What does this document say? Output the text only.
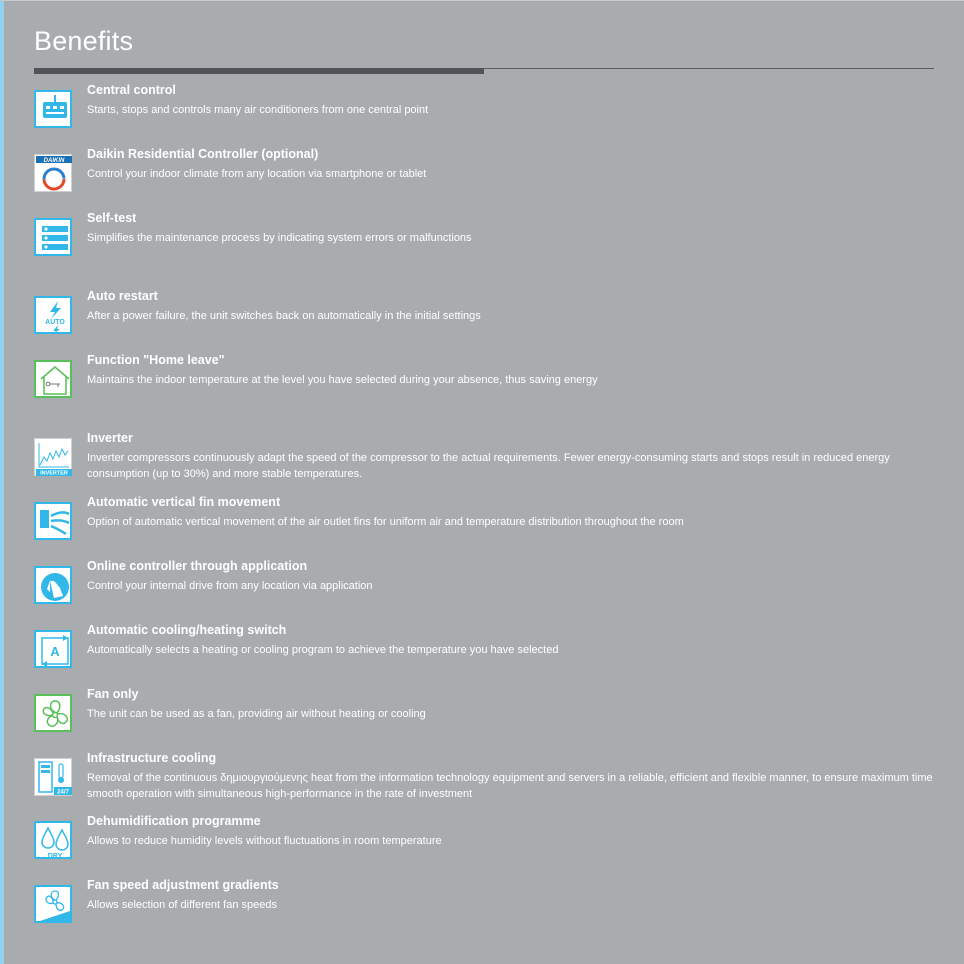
Benefits
Central control
Starts, stops and controls many air conditioners from one central point
DAIKIN Daikin Residential Controller (optional)
Control your indoor climate from any location via smartphone or tablet
Self-test
Simplifies the maintenance process by indicating system errors or malfunctions
AUTO
Auto restart
After a power failure, the unit switches back on automatically in the initial settings
Function "Home leave"
Maintains the indoor temperature at the level you have selected during your absence, thus saving energy
INVERTER
Inverter
Inverter compressors continuously adapt the speed of the compressor to the actual requirements. Fewer energy-consuming starts and stops result in reduced energy consumption (up to 30%) and more stable temperatures.
Automatic vertical fin movement
Option of automatic vertical movement of the air outlet fins for uniform air and temperature distribution throughout the room
Online controller through application
Control your internal drive from any location via application
A
Automatic cooling/heating switch
Automatically selects a heating or cooling program to achieve the temperature you have selected
Fan only
The unit can be used as a fan, providing air without heating or cooling
24/7
Infrastructure cooling
Removal of the continuous δημιουργιούμενης heat from the information technology equipment and servers in a reliable, efficient and flexible manner, to ensure maximum time smooth operation with simultaneous high-performance in the rate of investment
DRY
Dehumidification programme
Allows to reduce humidity levels without fluctuations in room temperature
Fan speed adjustment gradients
Allows selection of different fan speeds
